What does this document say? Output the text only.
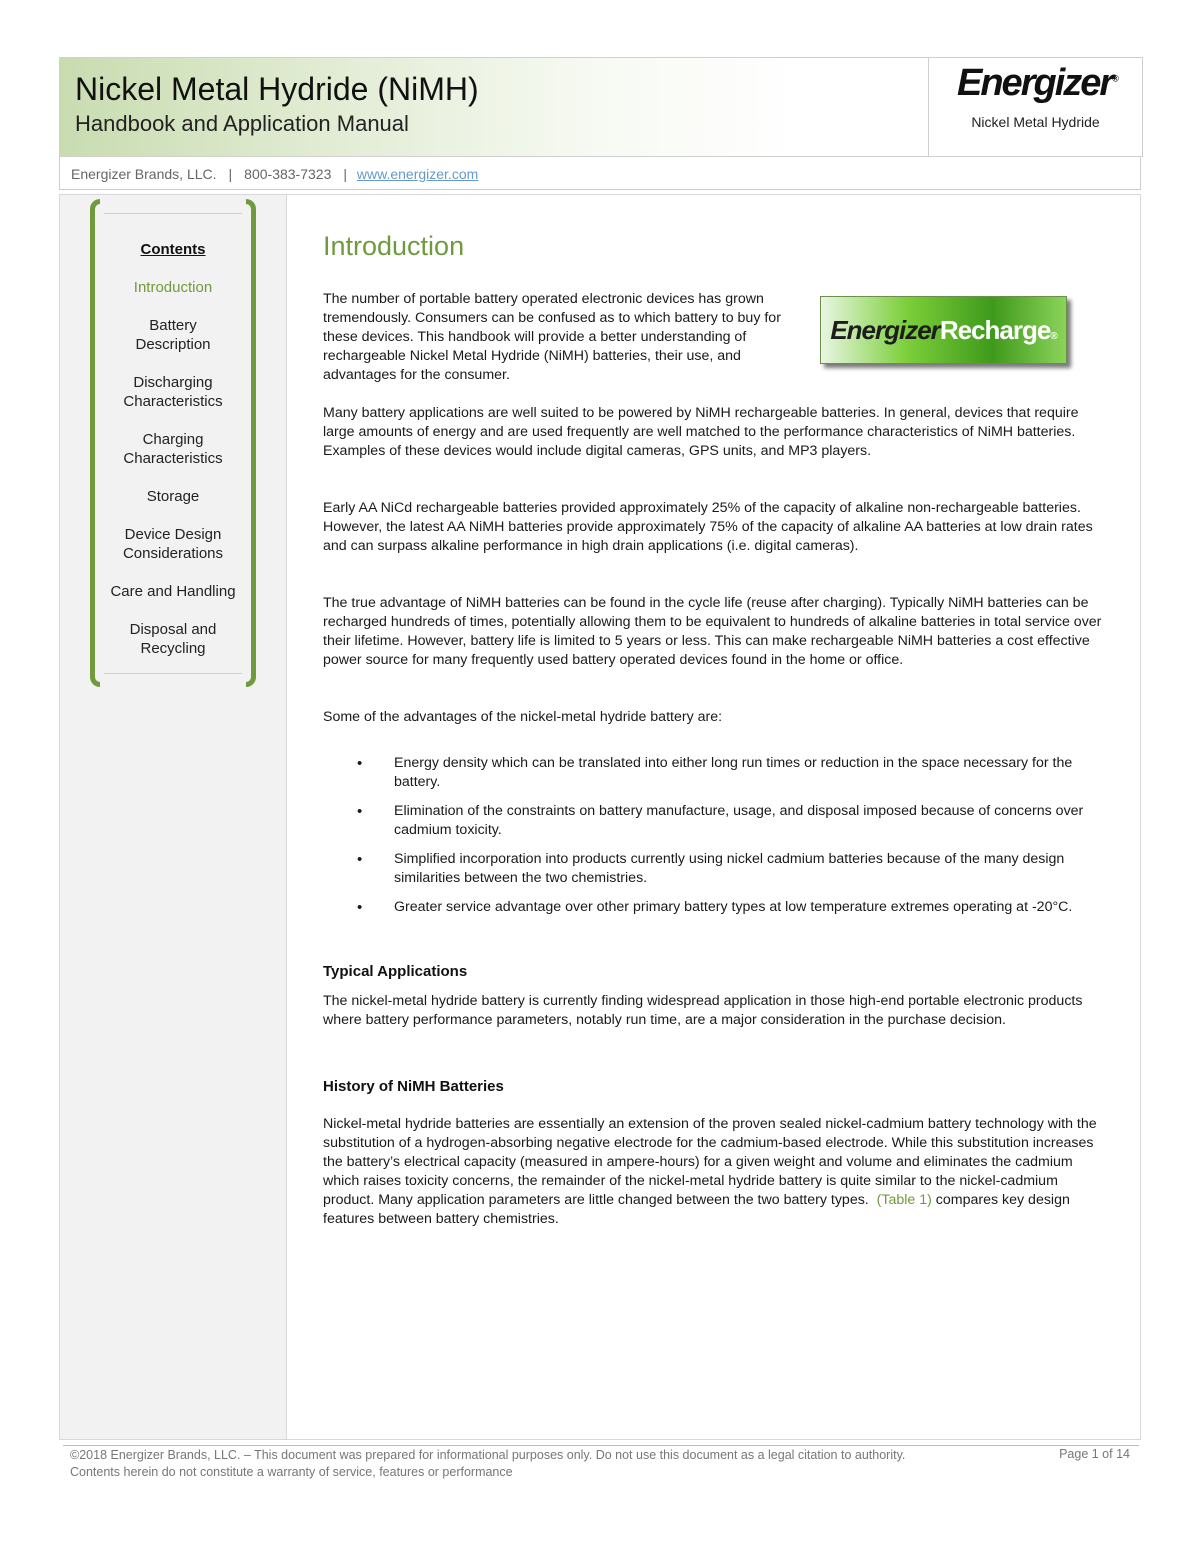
Nickel Metal Hydride (NiMH)
Handbook and Application Manual
Energizer®
Nickel Metal Hydride
Energizer Brands, LLC. | 800-383-7323 | www.energizer.com
Contents
Introduction
Battery Description
Discharging Characteristics
Charging Characteristics
Storage
Device Design Considerations
Care and Handling
Disposal and Recycling
Introduction

The number of portable battery operated electronic devices has grown tremendously. Consumers can be confused as to which battery to buy for these devices. This handbook will provide a better understanding of rechargeable Nickel Metal Hydride (NiMH) batteries, their use, and advantages for the consumer.

EnergizerRecharge®

Many battery applications are well suited to be powered by NiMH rechargeable batteries. In general, devices that require large amounts of energy and are used frequently are well matched to the performance characteristics of NiMH batteries. Examples of these devices would include digital cameras, GPS units, and MP3 players.

Early AA NiCd rechargeable batteries provided approximately 25% of the capacity of alkaline non-rechargeable batteries. However, the latest AA NiMH batteries provide approximately 75% of the capacity of alkaline AA batteries at low drain rates and can surpass alkaline performance in high drain applications (i.e. digital cameras).

The true advantage of NiMH batteries can be found in the cycle life (reuse after charging). Typically NiMH batteries can be recharged hundreds of times, potentially allowing them to be equivalent to hundreds of alkaline batteries in total service over their lifetime. However, battery life is limited to 5 years or less. This can make rechargeable NiMH batteries a cost effective power source for many frequently used battery operated devices found in the home or office.

Some of the advantages of the nickel-metal hydride battery are:

• Energy density which can be translated into either long run times or reduction in the space necessary for the battery.
• Elimination of the constraints on battery manufacture, usage, and disposal imposed because of concerns over cadmium toxicity.
• Simplified incorporation into products currently using nickel cadmium batteries because of the many design similarities between the two chemistries.
• Greater service advantage over other primary battery types at low temperature extremes operating at -20°C.
Typical Applications

The nickel-metal hydride battery is currently finding widespread application in those high-end portable electronic products where battery performance parameters, notably run time, are a major consideration in the purchase decision.

History of NiMH Batteries

Nickel-metal hydride batteries are essentially an extension of the proven sealed nickel-cadmium battery technology with the substitution of a hydrogen-absorbing negative electrode for the cadmium-based electrode. While this substitution increases the battery’s electrical capacity (measured in ampere-hours) for a given weight and volume and eliminates the cadmium which raises toxicity concerns, the remainder of the nickel-metal hydride battery is quite similar to the nickel-cadmium product. Many application parameters are little changed between the two battery types. (Table 1) compares key design features between battery chemistries.

©2018 Energizer Brands, LLC. – This document was prepared for informational purposes only. Do not use this document as a legal citation to authority.
Contents herein do not constitute a warranty of service, features or performance
Page 1 of 14
